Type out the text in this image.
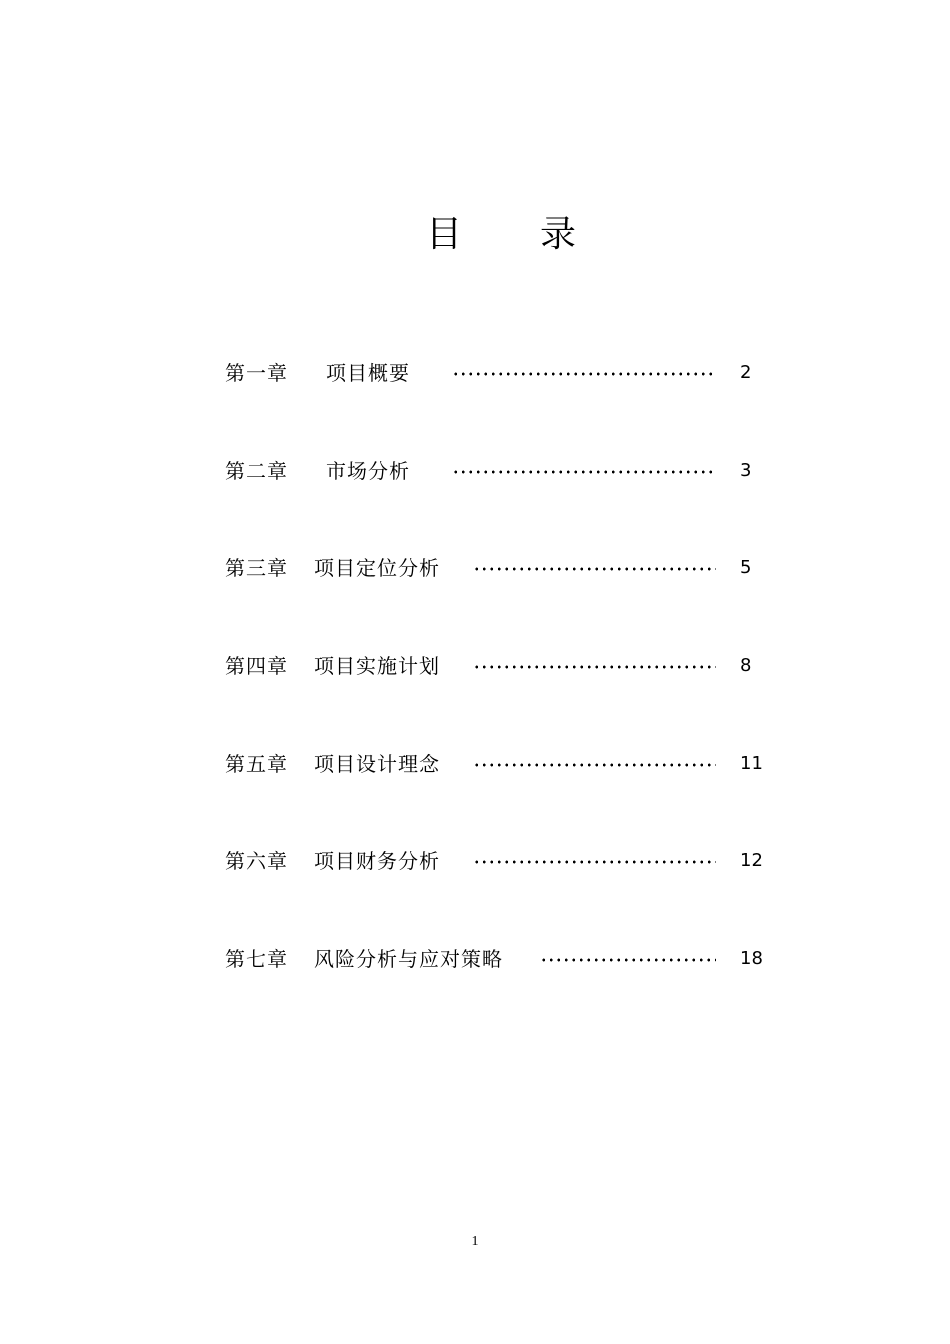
目 录
第一章 项目概要	2
第二章 市场分析	3
第三章 项目定位分析	5
第四章 项目实施计划	8
第五章 项目设计理念	11
第六章 项目财务分析	12
第七章 风险分析与应对策略	18
1
